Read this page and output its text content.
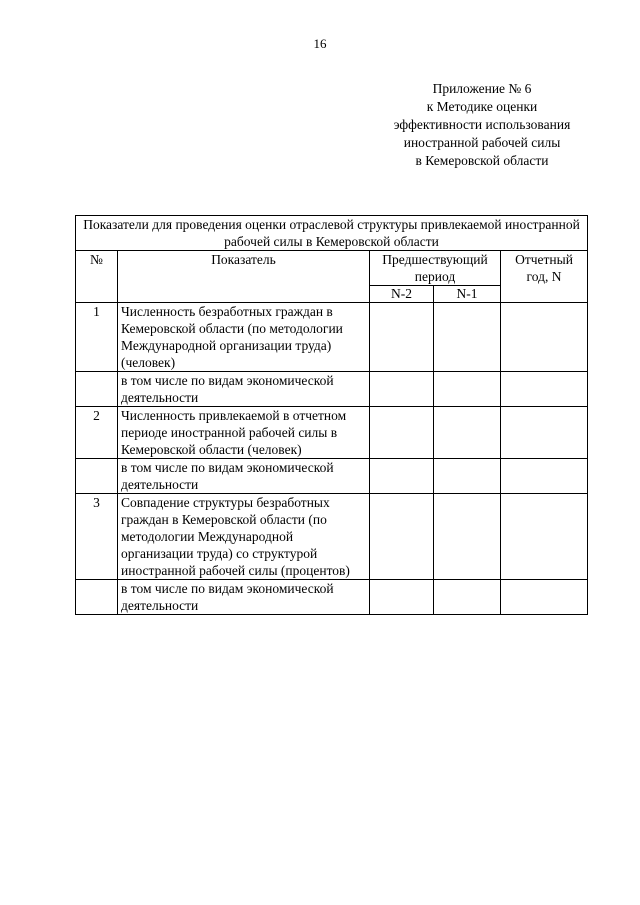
16
Приложение № 6
к Методике оценки
эффективности использования
иностранной рабочей силы
в Кемеровской области
Показатели для проведения оценки отраслевой структуры привлекаемой иностранной рабочей силы в Кемеровской области				
№	Показатель	Предшествующий период		Отчетный год, N
		N-2	N-1	
1	Численность безработных граждан в Кемеровской области (по методологии Международной организации труда) (человек)			
	в том числе по видам экономической деятельности			
2	Численность привлекаемой в отчетном периоде иностранной рабочей силы в Кемеровской области (человек)			
	в том числе по видам экономической деятельности			
3	Совпадение структуры безработных граждан в Кемеровской области (по методологии Международной организации труда) со структурой иностранной рабочей силы (процентов)			
	в том числе по видам экономической деятельности			
